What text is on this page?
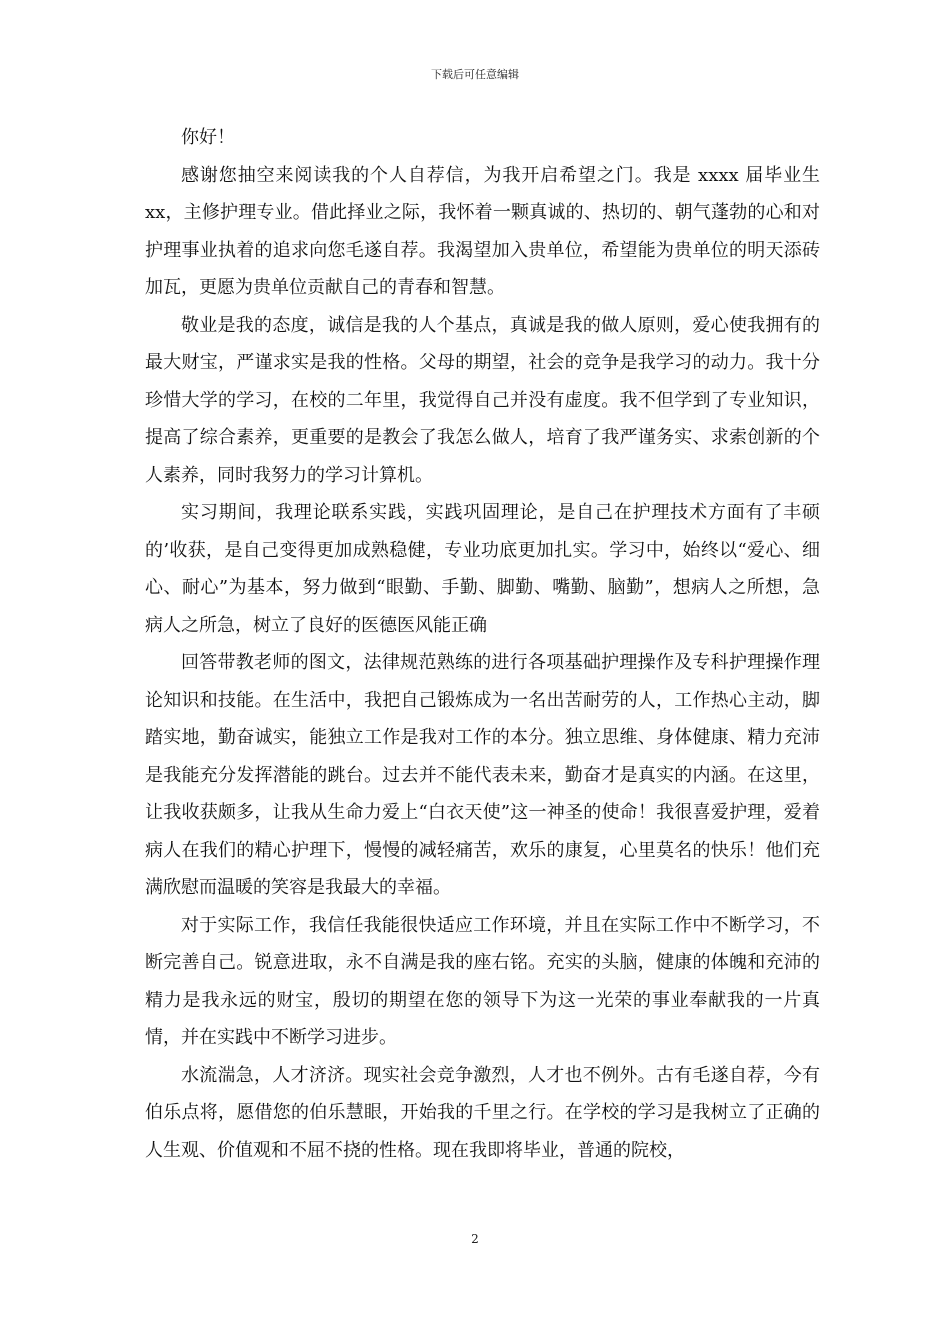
下载后可任意编辑

你好！

感谢您抽空来阅读我的个人自荐信，为我开启希望之门。我是 xxxx 届毕业生 xx，主修护理专业。借此择业之际，我怀着一颗真诚的、热切的、朝气蓬勃的心和对护理事业执着的追求向您毛遂自荐。我渴望加入贵单位，希望能为贵单位的明天添砖加瓦，更愿为贵单位贡献自己的青春和智慧。

敬业是我的态度，诚信是我的人个基点，真诚是我的做人原则，爱心使我拥有的最大财宝，严谨求实是我的性格。父母的期望，社会的竞争是我学习的动力。我十分珍惜大学的学习，在校的二年里，我觉得自己并没有虚度。我不但学到了专业知识，提高了综合素养，更重要的是教会了我怎么做人，培育了我严谨务实、求索创新的个人素养，同时我努力的学习计算机。

实习期间，我理论联系实践，实践巩固理论，是自己在护理技术方面有了丰硕的’收获，是自己变得更加成熟稳健，专业功底更加扎实。学习中，始终以“爱心、细心、耐心”为基本，努力做到“眼勤、手勤、脚勤、嘴勤、脑勤”，想病人之所想，急病人之所急，树立了良好的医德医风能正确

回答带教老师的图文，法律规范熟练的进行各项基础护理操作及专科护理操作理论知识和技能。在生活中，我把自己锻炼成为一名出苦耐劳的人，工作热心主动，脚踏实地，勤奋诚实，能独立工作是我对工作的本分。独立思维、身体健康、精力充沛是我能充分发挥潜能的跳台。过去并不能代表未来，勤奋才是真实的内涵。在这里，让我收获颇多，让我从生命力爱上“白衣天使”这一神圣的使命！我很喜爱护理，爱着病人在我们的精心护理下，慢慢的减轻痛苦，欢乐的康复，心里莫名的快乐！他们充满欣慰而温暖的笑容是我最大的幸福。

对于实际工作，我信任我能很快适应工作环境，并且在实际工作中不断学习，不断完善自己。锐意进取，永不自满是我的座右铭。充实的头脑，健康的体魄和充沛的精力是我永远的财宝，殷切的期望在您的领导下为这一光荣的事业奉献我的一片真情，并在实践中不断学习进步。

水流湍急，人才济济。现实社会竞争激烈，人才也不例外。古有毛遂自荐，今有伯乐点将，愿借您的伯乐慧眼，开始我的千里之行。在学校的学习是我树立了正确的人生观、价值观和不屈不挠的性格。现在我即将毕业，普通的院校，

2
